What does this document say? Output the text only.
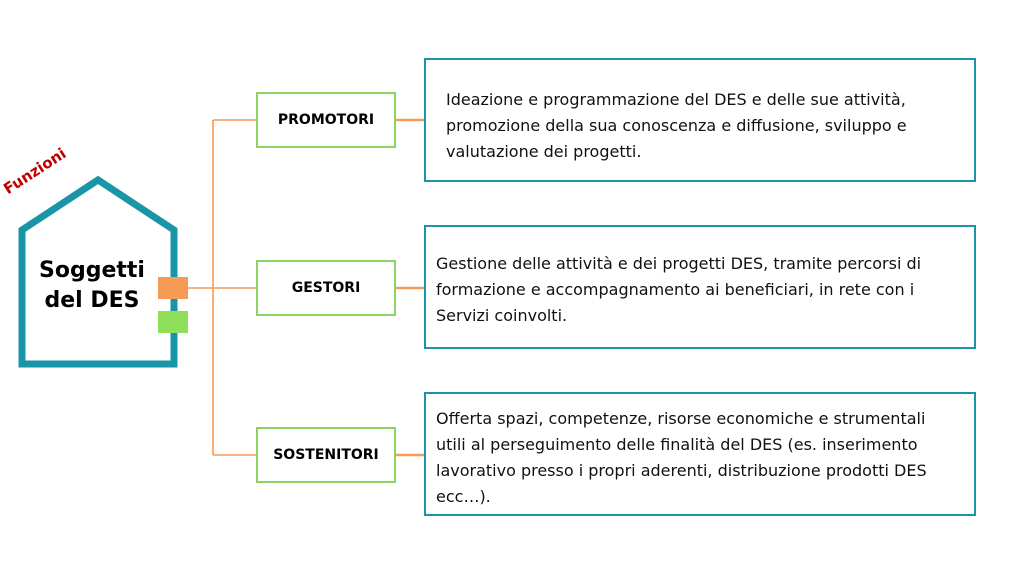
Funzioni
Soggetti del DES
PROMOTORI
GESTORI
SOSTENITORI
Ideazione e programmazione del DES e delle sue attività, promozione della sua conoscenza e diffusione, sviluppo e valutazione dei progetti.
Gestione delle attività e dei progetti DES, tramite percorsi di formazione e accompagnamento ai beneficiari, in rete con i Servizi coinvolti.
Offerta spazi, competenze, risorse economiche e strumentali utili al perseguimento delle finalità del DES (es. inserimento lavorativo presso i propri aderenti, distribuzione prodotti DES ecc…).
